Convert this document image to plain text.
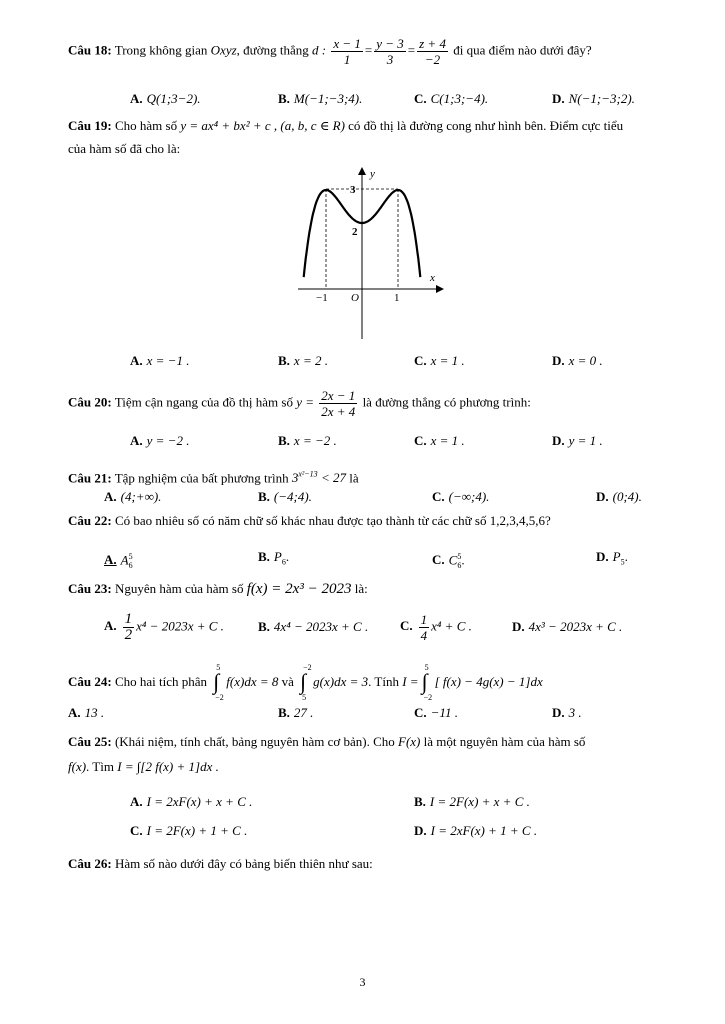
Câu 18: Trong không gian Oxyz, đường thẳng d : $\frac{x - 1}{1} = \frac{y - 3}{3} = \frac{z + 4}{-2}$ đi qua điểm nào dưới đây?
A. Q(1;3−2).	B. M(−1;−3;4).	C. C(1;3;−4).	D. N(−1;−3;2).
Câu 19: Cho hàm số y = ax⁴ + bx² + c , (a, b, c ∈ R) có đồ thị là đường cong như hình bên. Điểm cực tiểu
của hàm số đã cho là:
y
x
3
2
−1 O	1
A. x = −1 .	B. x = 2 .	C. x = 1 .	D. x = 0 .
Câu 20: Tiệm cận ngang của đồ thị hàm số $y = \frac{2x - 1}{2x + 4}$ là đường thẳng có phương trình:
A. y = −2 .	B. x = −2 .	C. x = 1 .	D. y = 1 .
Câu 21: Tập nghiệm của bất phương trình $3^{x^2-13} < 27$ là
A. (4;+∞).	B. (−4;4).	C. (−∞;4).	D. (0;4).
Câu 22: Có bao nhiêu số có năm chữ số khác nhau được tạo thành từ các chữ số 1,2,3,4,5,6?
A. $A^5_6$
B. $P_6$.	C. $C^5_6$.	D. $P_5$.
Câu 23: Nguyên hàm của hàm số f(x) = 2x³ − 2023 là:
A. $\frac{1}{2} x^4 - 2023x + C$ .	B. 4x⁴ − 2023x + C . C. $\frac{1}{4} x^4 + C$ .	D. 4x³ − 2023x + C .
Câu 24: Cho hai tích phân
5
∫
−2
f(x)dx = 8 và
−2
∫
5
g(x)dx = 3. Tính I =
5
∫
−2
[ f(x) − 4g(x) − 1]dx
A. 13 .	B. 27 .	C. −11 .	D. 3 .
Câu 25: (Khái niệm, tính chất, bảng nguyên hàm cơ bản). Cho F(x) là một nguyên hàm của hàm số
f(x). Tìm I = ∫[2 f(x) + 1]dx .
A. I = 2xF(x) + x + C .	B. I = 2F(x) + x + C .
C. I = 2F(x) + 1 + C .	D. I = 2xF(x) + 1 + C .
Câu 26: Hàm số nào dưới đây có bảng biến thiên như sau:
3
